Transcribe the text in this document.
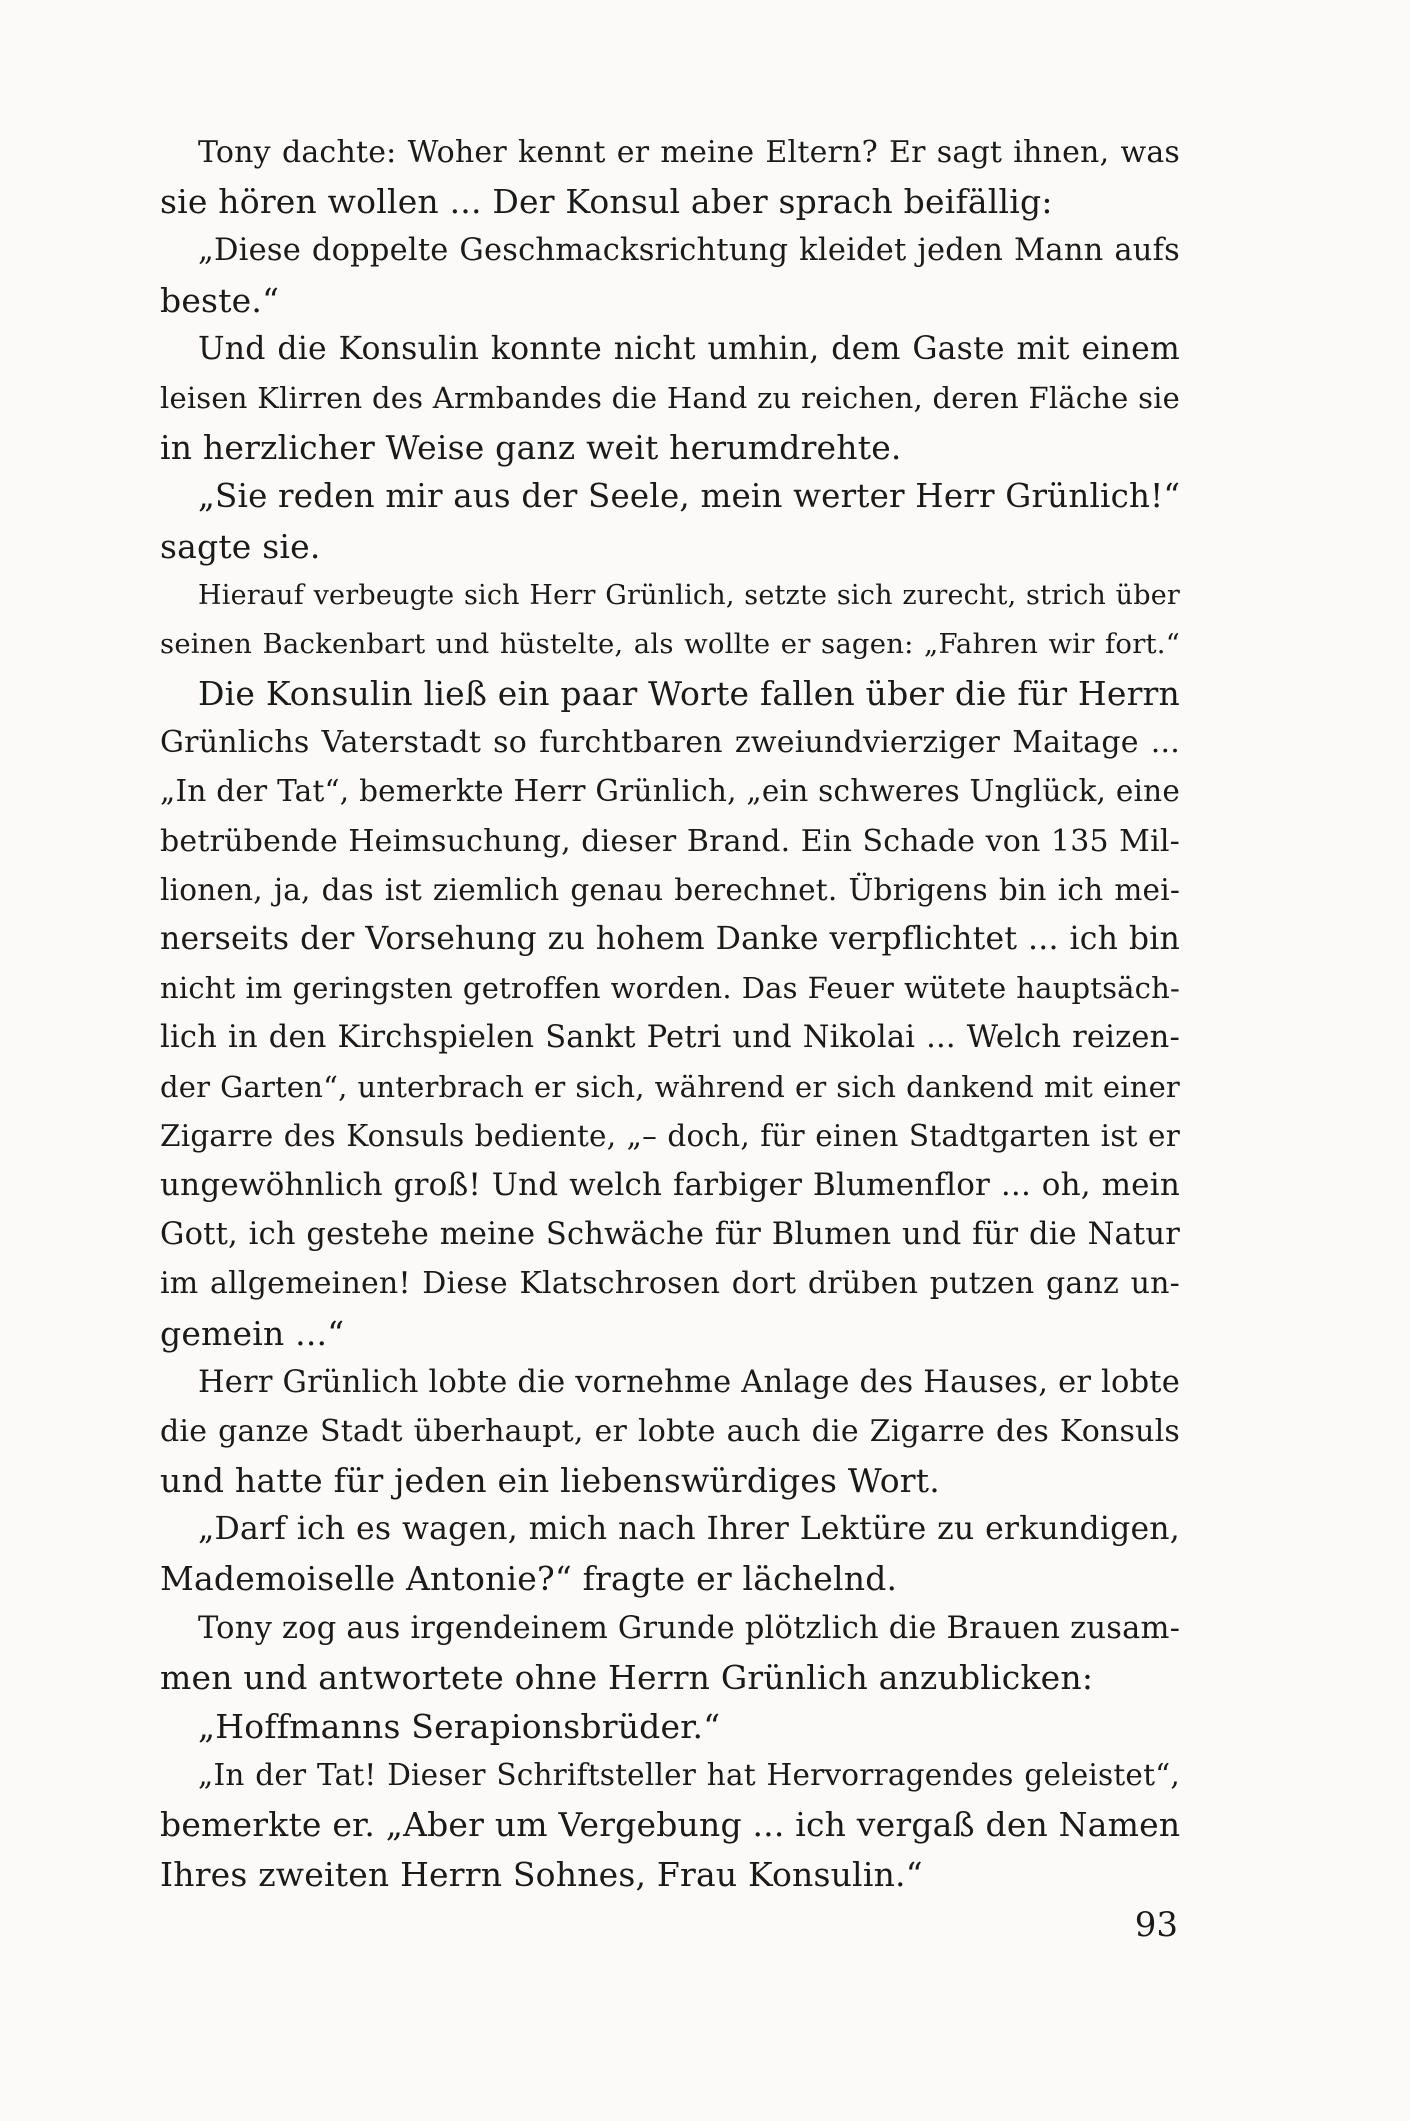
Tony dachte: Woher kennt er meine Eltern? Er sagt ihnen, was
sie hören wollen ... Der Konsul aber sprach beifällig:
„Diese doppelte Geschmacksrichtung kleidet jeden Mann aufs
beste.“
Und die Konsulin konnte nicht umhin, dem Gaste mit einem
leisen Klirren des Armbandes die Hand zu reichen, deren Fläche sie
in herzlicher Weise ganz weit herumdrehte.
„Sie reden mir aus der Seele, mein werter Herr Grünlich!“
sagte sie.
Hierauf verbeugte sich Herr Grünlich, setzte sich zurecht, strich über
seinen Backenbart und hüstelte, als wollte er sagen: „Fahren wir fort.“
Die Konsulin ließ ein paar Worte fallen über die für Herrn
Grünlichs Vaterstadt so furchtbaren zweiundvierziger Maitage ...
„In der Tat“, bemerkte Herr Grünlich, „ein schweres Unglück, eine
betrübende Heimsuchung, dieser Brand. Ein Schade von 135 Mil-
lionen, ja, das ist ziemlich genau berechnet. Übrigens bin ich mei-
nerseits der Vorsehung zu hohem Danke verpflichtet ... ich bin
nicht im geringsten getroffen worden. Das Feuer wütete hauptsäch-
lich in den Kirchspielen Sankt Petri und Nikolai ... Welch reizen-
der Garten“, unterbrach er sich, während er sich dankend mit einer
Zigarre des Konsuls bediente, „– doch, für einen Stadtgarten ist er
ungewöhnlich groß! Und welch farbiger Blumenflor ... oh, mein
Gott, ich gestehe meine Schwäche für Blumen und für die Natur
im allgemeinen! Diese Klatschrosen dort drüben putzen ganz un-
gemein ...“
Herr Grünlich lobte die vornehme Anlage des Hauses, er lobte
die ganze Stadt überhaupt, er lobte auch die Zigarre des Konsuls
und hatte für jeden ein liebenswürdiges Wort.
„Darf ich es wagen, mich nach Ihrer Lektüre zu erkundigen,
Mademoiselle Antonie?“ fragte er lächelnd.
Tony zog aus irgendeinem Grunde plötzlich die Brauen zusam-
men und antwortete ohne Herrn Grünlich anzublicken:
„Hoffmanns Serapionsbrüder.“
„In der Tat! Dieser Schriftsteller hat Hervorragendes geleistet“,
bemerkte er. „Aber um Vergebung ... ich vergaß den Namen
Ihres zweiten Herrn Sohnes, Frau Konsulin.“
93
